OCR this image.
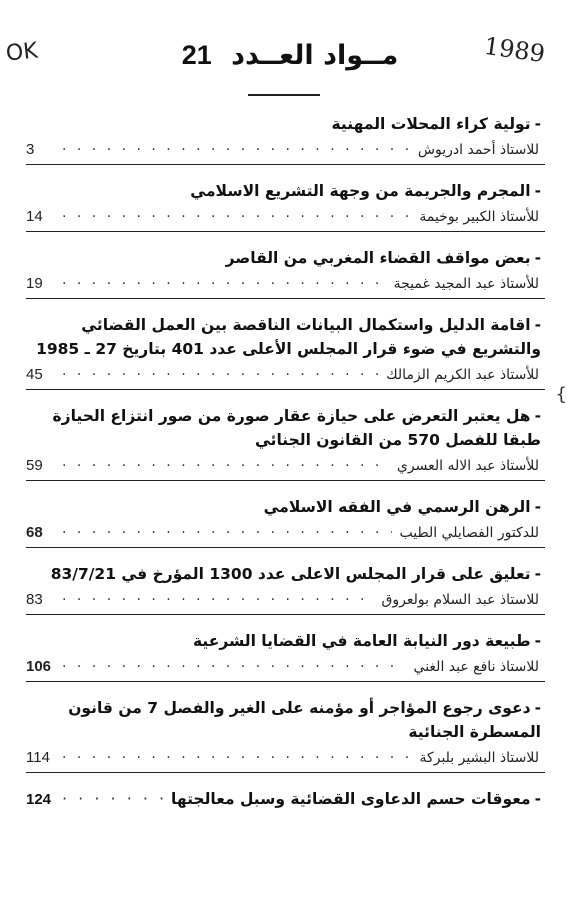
OK	1989
مــواد العــدد 21
{
-تولية كراء المحلات المهنية
للاستاذ أحمد ادريوش
· · ·
3
-المجرم والجريمة من وجهة التشريع الاسلامي
للأستاذ الكبير بوخيمة
· · ·
14
-بعض مواقف القضاء المغربي من القاصر
للأستاذ عبد المجيد غميجة
· · ·
19
-اقامة الدليل واستكمال البيانات الناقصة بين العمل القضائي والتشريع في ضوء قرار المجلس الأعلى عدد 401 بتاريخ 27 ـ 1985
للأستاذ عبد الكريم الزمالك
· · ·
45
-هل يعتبر التعرض على حيازة عقار صورة من صور انتزاع الحيازة طبقا للفصل 570 من القانون الجنائي
للأستاذ عبد الاله العسري
· · ·
59
-الرهن الرسمي في الفقه الاسلامي
للدكتور الفصايلي الطيب
· · ·
68
-تعليق على قرار المجلس الاعلى عدد 1300 المؤرخ في 83/7/21
للاستاذ عبد السلام بولعروق
· · ·
83
-طبيعة دور النيابة العامة في القضايا الشرعية
للاستاذ نافع عبد الغني
· · ·
106
-دعوى رجوع المؤاجر أو مؤمنه على الغير والفصل 7 من قانون المسطرة الجنائية
للاستاذ البشير بلبركة
· · ·
114
-معوقات حسم الدعاوى القضائية وسبل معالجتها
· · ·
124
